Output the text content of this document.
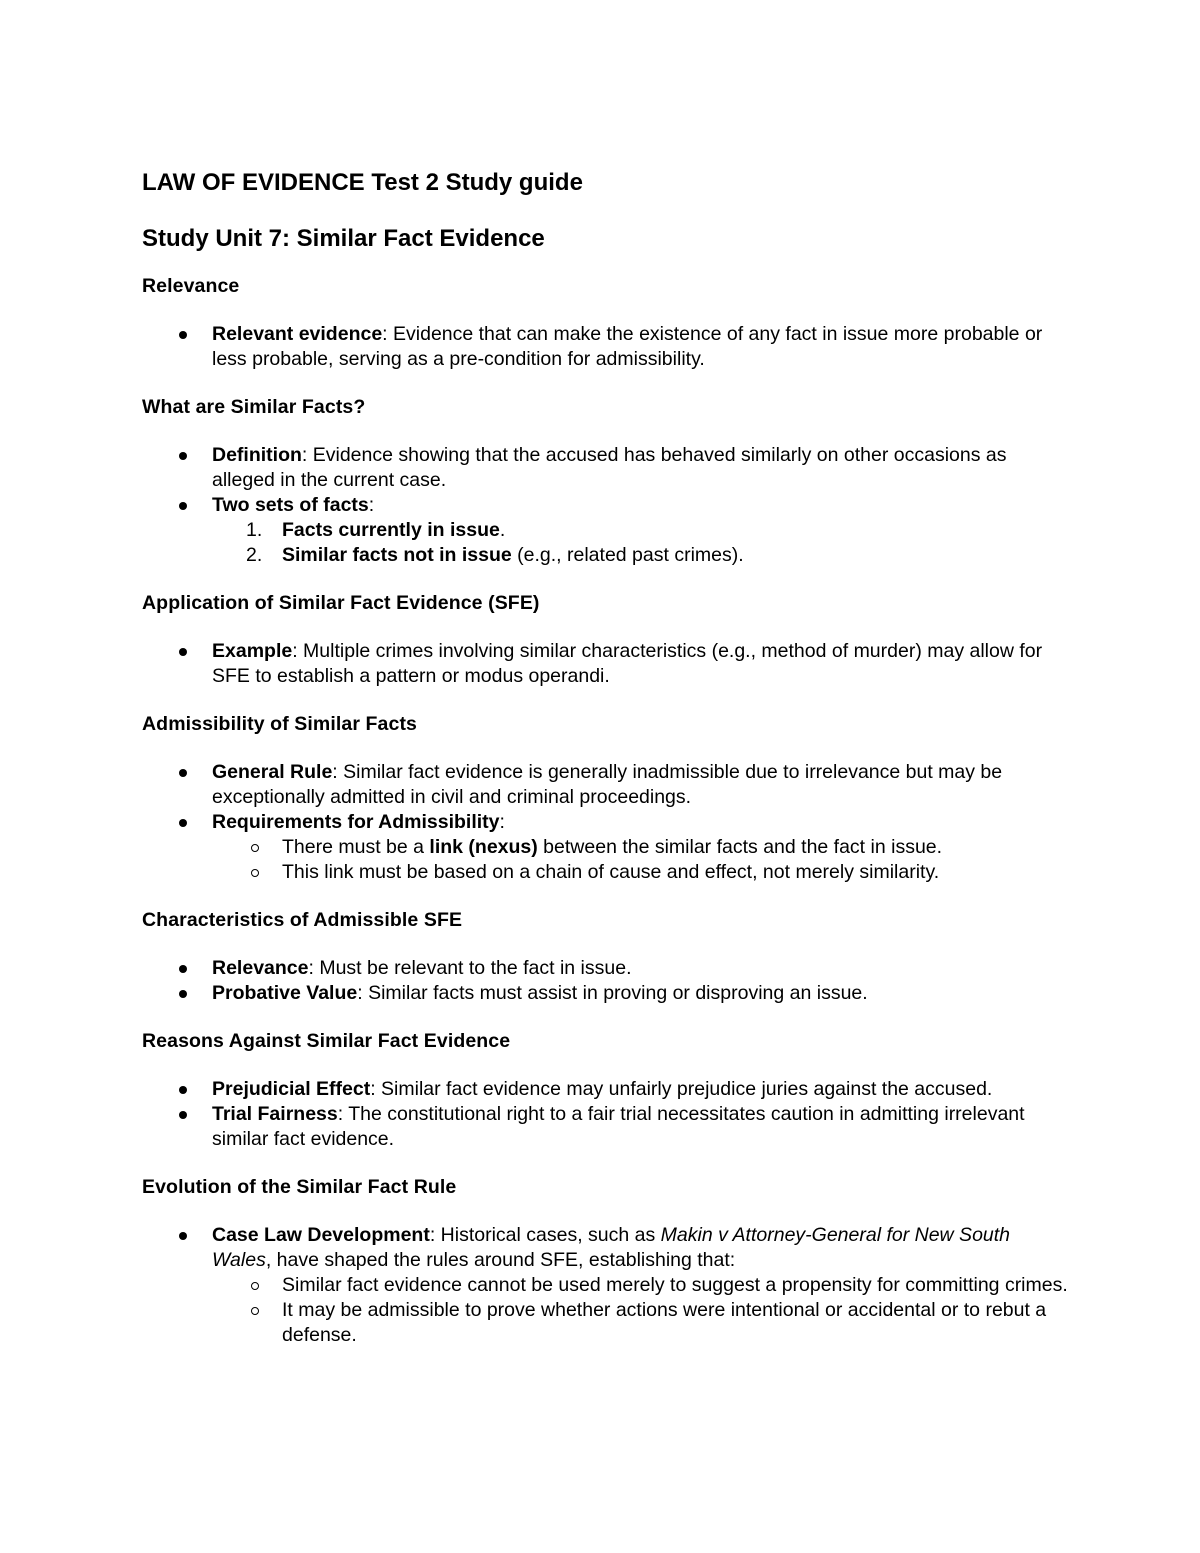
LAW OF EVIDENCE Test 2 Study guide
Study Unit 7: Similar Fact Evidence
Relevance
Relevant evidence: Evidence that can make the existence of any fact in issue more probable or less probable, serving as a pre-condition for admissibility.
What are Similar Facts?
Definition: Evidence showing that the accused has behaved similarly on other occasions as alleged in the current case.
Two sets of facts:
1. Facts currently in issue.
2. Similar facts not in issue (e.g., related past crimes).
Application of Similar Fact Evidence (SFE)
Example: Multiple crimes involving similar characteristics (e.g., method of murder) may allow for SFE to establish a pattern or modus operandi.
Admissibility of Similar Facts
General Rule: Similar fact evidence is generally inadmissible due to irrelevance but may be exceptionally admitted in civil and criminal proceedings.
Requirements for Admissibility:
There must be a link (nexus) between the similar facts and the fact in issue.
This link must be based on a chain of cause and effect, not merely similarity.
Characteristics of Admissible SFE
Relevance: Must be relevant to the fact in issue.
Probative Value: Similar facts must assist in proving or disproving an issue.
Reasons Against Similar Fact Evidence
Prejudicial Effect: Similar fact evidence may unfairly prejudice juries against the accused.
Trial Fairness: The constitutional right to a fair trial necessitates caution in admitting irrelevant similar fact evidence.
Evolution of the Similar Fact Rule
Case Law Development: Historical cases, such as Makin v Attorney-General for New South Wales, have shaped the rules around SFE, establishing that:
Similar fact evidence cannot be used merely to suggest a propensity for committing crimes.
It may be admissible to prove whether actions were intentional or accidental or to rebut a defense.
